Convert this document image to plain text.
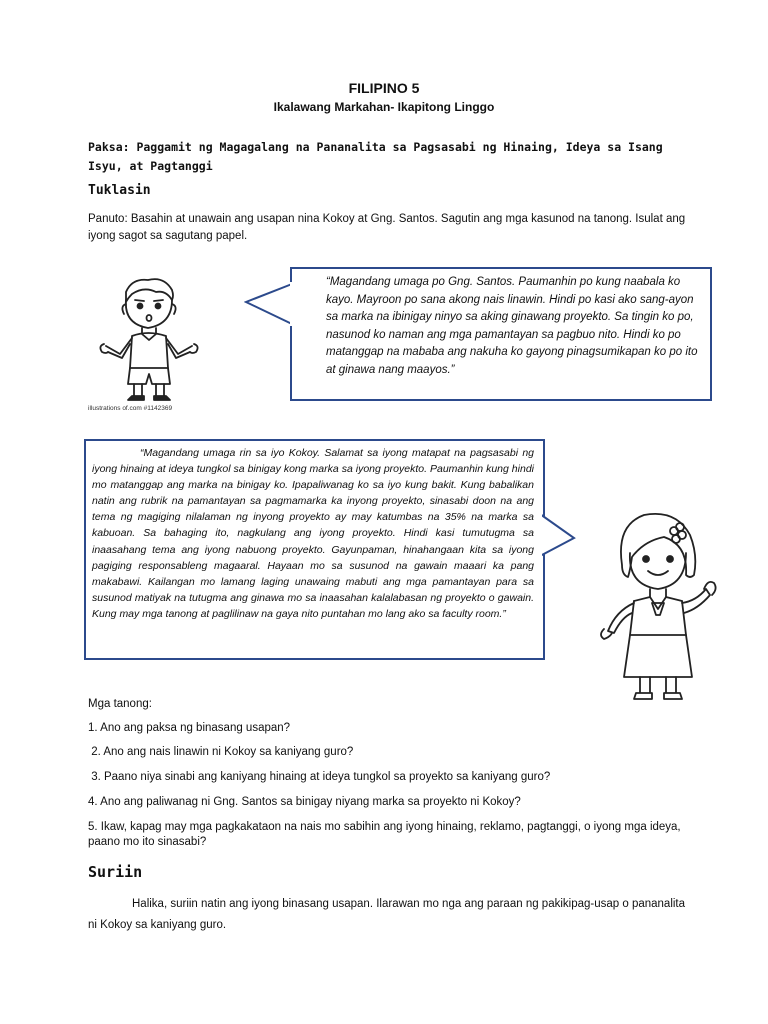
FILIPINO 5
Ikalawang Markahan- Ikapitong Linggo
Paksa: Paggamit ng Magagalang na Pananalita sa Pagsasabi ng Hinaing, Ideya sa Isang Isyu, at Pagtanggi
Tuklasin
Panuto: Basahin at unawain ang usapan nina Kokoy at Gng. Santos. Sagutin ang mga kasunod na tanong. Isulat ang iyong sagot sa sagutang papel.
illustrations of.com #1142369
“Magandang umaga po Gng. Santos. Paumanhin po kung naabala ko kayo. Mayroon po sana akong nais linawin. Hindi po kasi ako sang-ayon sa marka na ibinigay ninyo sa aking ginawang proyekto. Sa tingin ko po, nasunod ko naman ang mga pamantayan sa pagbuo nito. Hindi ko po matanggap na mababa ang nakuha ko gayong pinagsumikapan ko po ito at ginawa nang maayos.”
“Magandang umaga rin sa iyo Kokoy. Salamat sa iyong matapat na pagsasabi ng iyong hinaing at ideya tungkol sa binigay kong marka sa iyong proyekto. Paumanhin kung hindi mo matanggap ang marka na binigay ko. Ipapaliwanag ko sa iyo kung bakit. Kung babalikan natin ang rubrik na pamantayan sa pagmamarka ka inyong proyekto, sinasabi doon na ang tema ng magiging nilalaman ng inyong proyekto ay may katumbas na 35% na marka sa kabuoan. Sa bahaging ito, nagkulang ang iyong proyekto. Hindi kasi tumutugma sa inaasahang tema ang iyong nabuong proyekto. Gayunpaman, hinahangaan kita sa iyong pagiging responsableng magaaral. Hayaan mo sa susunod na gawain maaari ka pang makabawi. Kailangan mo lamang laging unawaing mabuti ang mga pamantayan para sa susunod matiyak na tutugma ang ginawa mo sa inaasahan kalalabasan ng proyekto o gawain. Kung may mga tanong at paglilinaw na gaya nito puntahan mo lang ako sa faculty room.”
Mga tanong:
1. Ano ang paksa ng binasang usapan?
2. Ano ang nais linawin ni Kokoy sa kaniyang guro?
3. Paano niya sinabi ang kaniyang hinaing at ideya tungkol sa proyekto sa kaniyang guro?
4. Ano ang paliwanag ni Gng. Santos sa binigay niyang marka sa proyekto ni Kokoy?
5. Ikaw, kapag may mga pagkakataon na nais mo sabihin ang iyong hinaing, reklamo, pagtanggi, o iyong mga ideya, paano mo ito sinasabi?
Suriin
Halika, suriin natin ang iyong binasang usapan. Ilarawan mo nga ang paraan ng pakikipag-usap o pananalita ni Kokoy sa kaniyang guro.
